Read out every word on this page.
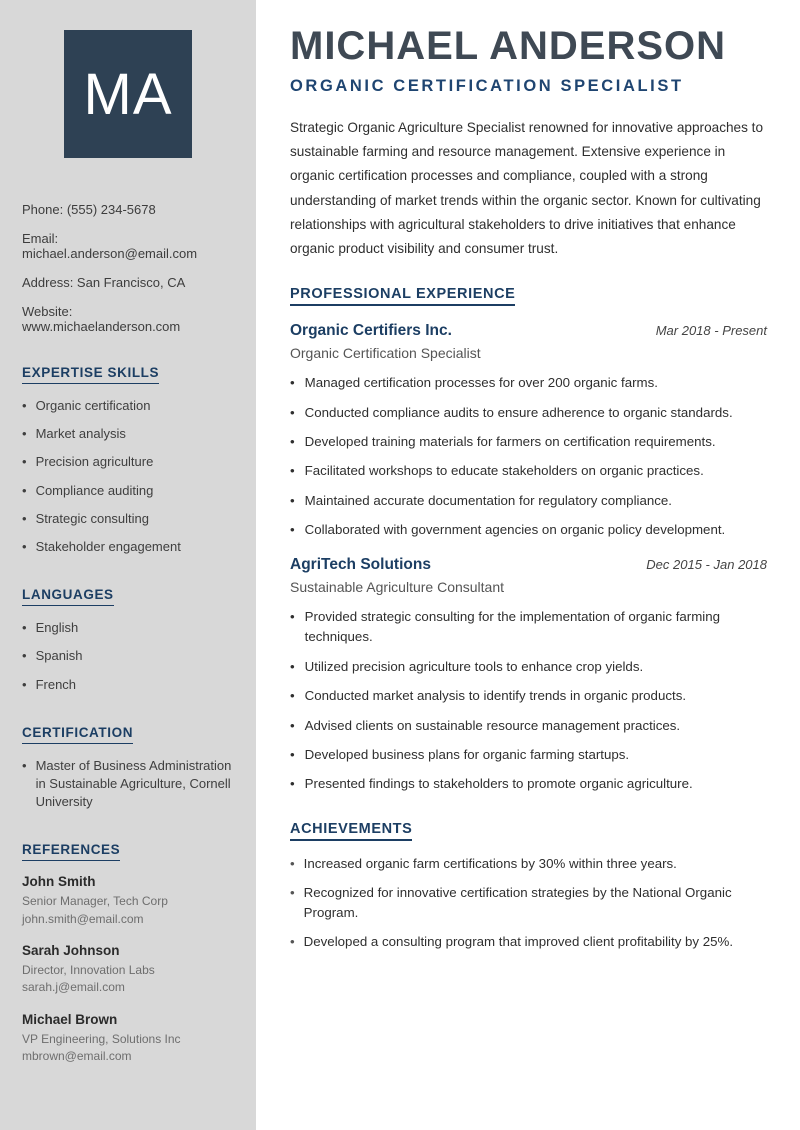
MA
Phone: (555) 234-5678
Email: michael.anderson@email.com
Address: San Francisco, CA
Website: www.michaelanderson.com
EXPERTISE SKILLS
• Organic certification
• Market analysis
• Precision agriculture
• Compliance auditing
• Strategic consulting
• Stakeholder engagement
LANGUAGES
• English
• Spanish
• French
CERTIFICATION
• Master of Business Administration in Sustainable Agriculture, Cornell University
REFERENCES
John Smith
Senior Manager, Tech Corp
john.smith@email.com
Sarah Johnson
Director, Innovation Labs
sarah.j@email.com
Michael Brown
VP Engineering, Solutions Inc
mbrown@email.com
MICHAEL ANDERSON
ORGANIC CERTIFICATION SPECIALIST

Strategic Organic Agriculture Specialist renowned for innovative approaches to sustainable farming and resource management. Extensive experience in organic certification processes and compliance, coupled with a strong understanding of market trends within the organic sector. Known for cultivating relationships with agricultural stakeholders to drive initiatives that enhance organic product visibility and consumer trust.

PROFESSIONAL EXPERIENCE
Organic Certifiers Inc.	Mar 2018 - Present
Organic Certification Specialist
• Managed certification processes for over 200 organic farms.
• Conducted compliance audits to ensure adherence to organic standards.
• Developed training materials for farmers on certification requirements.
• Facilitated workshops to educate stakeholders on organic practices.
• Maintained accurate documentation for regulatory compliance.
• Collaborated with government agencies on organic policy development.
AgriTech Solutions	Dec 2015 - Jan 2018
Sustainable Agriculture Consultant
• Provided strategic consulting for the implementation of organic farming techniques.
• Utilized precision agriculture tools to enhance crop yields.
• Conducted market analysis to identify trends in organic products.
• Advised clients on sustainable resource management practices.
• Developed business plans for organic farming startups.
• Presented findings to stakeholders to promote organic agriculture.
ACHIEVEMENTS
• Increased organic farm certifications by 30% within three years.
• Recognized for innovative certification strategies by the National Organic Program.
• Developed a consulting program that improved client profitability by 25%.
